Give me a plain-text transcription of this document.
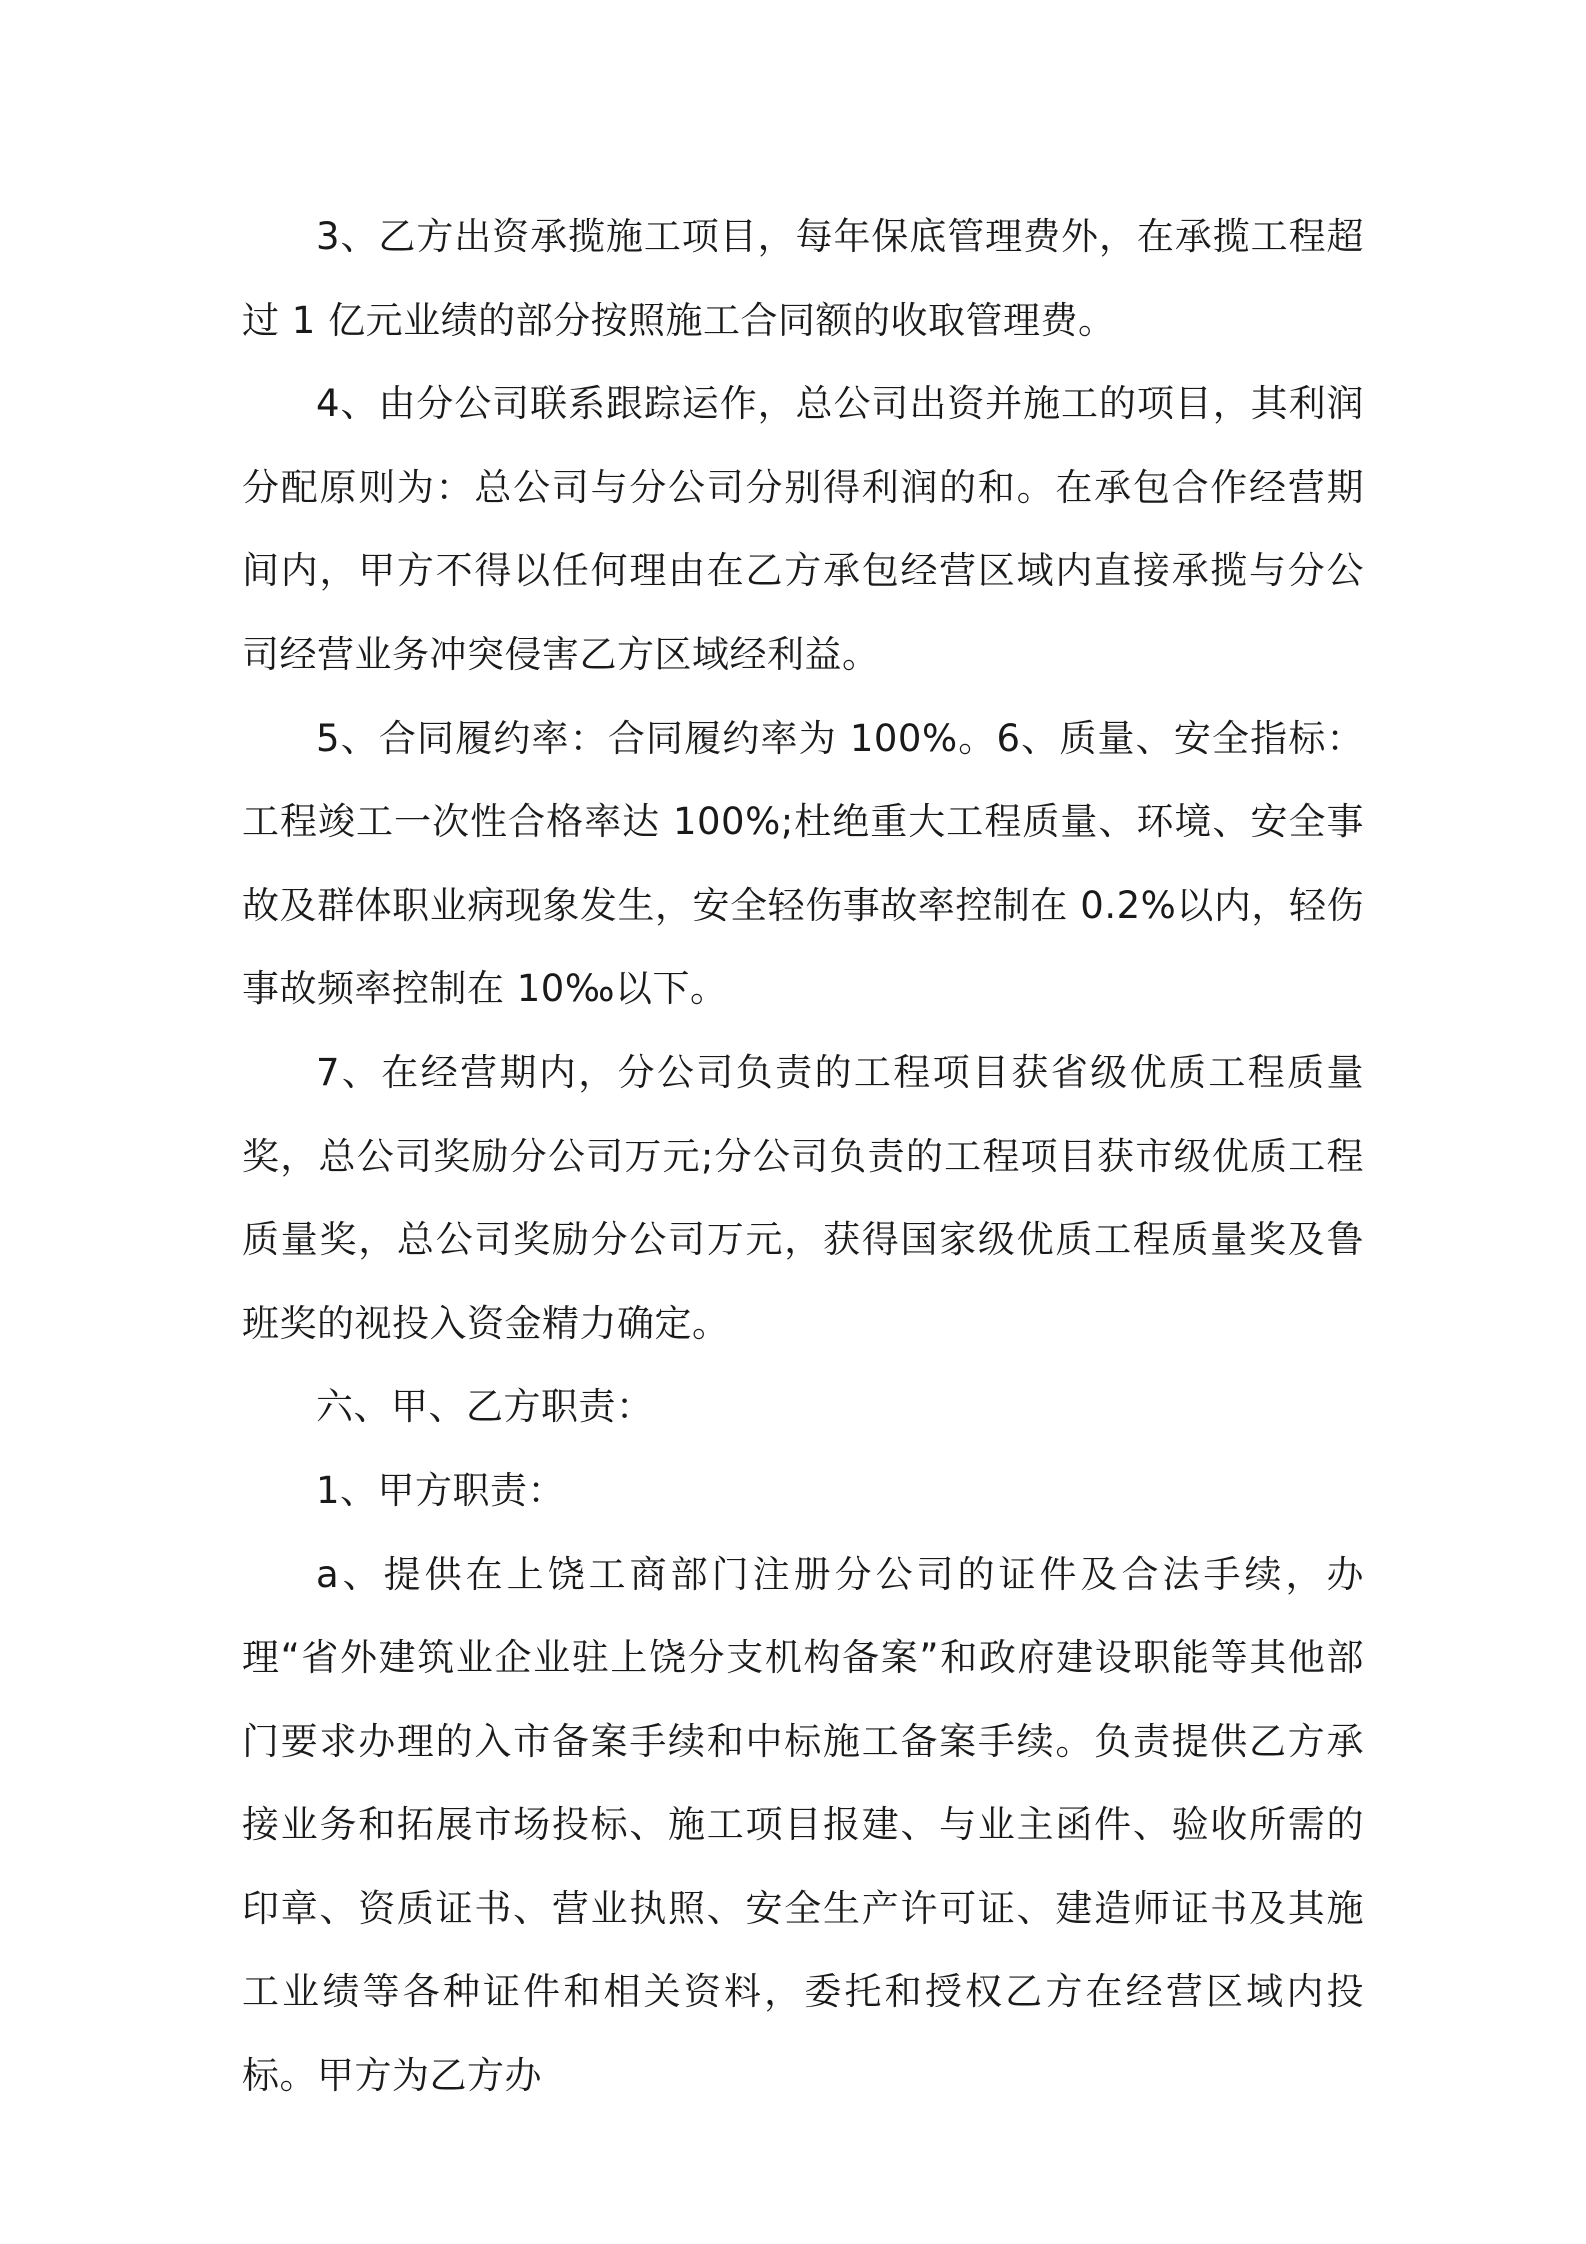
3、乙方出资承揽施工项目，每年保底管理费外，在承揽工程超过 1 亿元业绩的部分按照施工合同额的收取管理费。

4、由分公司联系跟踪运作，总公司出资并施工的项目，其利润分配原则为：总公司与分公司分别得利润的和。在承包合作经营期间内，甲方不得以任何理由在乙方承包经营区域内直接承揽与分公司经营业务冲突侵害乙方区域经利益。

5、合同履约率：合同履约率为 100%。6、质量、安全指标：工程竣工一次性合格率达 100%;杜绝重大工程质量、环境、安全事故及群体职业病现象发生，安全轻伤事故率控制在 0.2%以内，轻伤事故频率控制在 10‰以下。

7、在经营期内，分公司负责的工程项目获省级优质工程质量奖，总公司奖励分公司万元;分公司负责的工程项目获市级优质工程质量奖，总公司奖励分公司万元，获得国家级优质工程质量奖及鲁班奖的视投入资金精力确定。

六、甲、乙方职责：

1、甲方职责：

a、提供在上饶工商部门注册分公司的证件及合法手续，办理“省外建筑业企业驻上饶分支机构备案”和政府建设职能等其他部门要求办理的入市备案手续和中标施工备案手续。负责提供乙方承接业务和拓展市场投标、施工项目报建、与业主函件、验收所需的印章、资质证书、营业执照、安全生产许可证、建造师证书及其施工业绩等各种证件和相关资料，委托和授权乙方在经营区域内投标。甲方为乙方办
